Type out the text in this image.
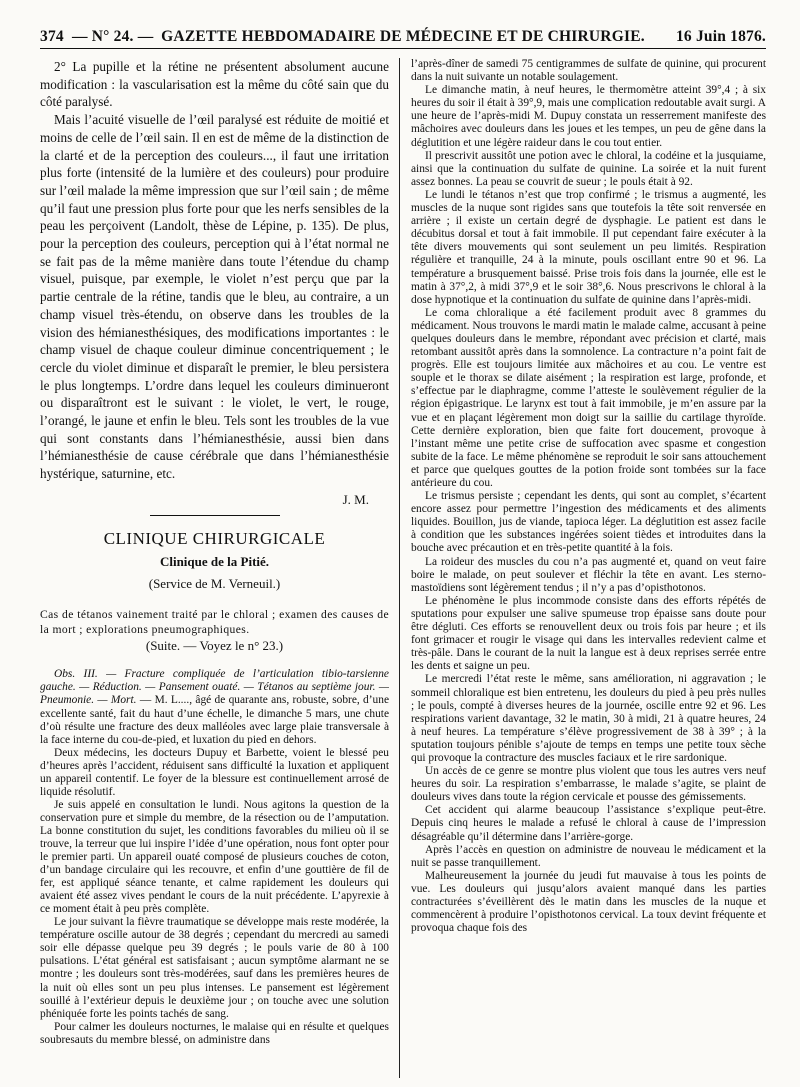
374 — N° 24. — GAZETTE HEBDOMADAIRE DE MÉDECINE ET DE CHIRURGIE.	16 Juin 1876.

2° La pupille et la rétine ne présentent absolument aucune modification : la vascularisation est la même du côté sain que du côté paralysé.

Mais l’acuité visuelle de l’œil paralysé est réduite de moitié et moins de celle de l’œil sain. Il en est de même de la distinction de la clarté et de la perception des couleurs..., il faut une irritation plus forte (intensité de la lumière et des couleurs) pour produire sur l’œil malade la même impression que sur l’œil sain ; de même qu’il faut une pression plus forte pour que les nerfs sensibles de la peau les perçoivent (Landolt, thèse de Lépine, p. 135). De plus, pour la perception des couleurs, perception qui à l’état normal ne se fait pas de la même manière dans toute l’étendue du champ visuel, puisque, par exemple, le violet n’est perçu que par la partie centrale de la rétine, tandis que le bleu, au contraire, a un champ visuel très-étendu, on observe dans les troubles de la vision des hémianesthésiques, des modifications importantes : le champ visuel de chaque couleur diminue concentriquement ; le cercle du violet diminue et disparaît le premier, le bleu persistera le plus longtemps. L’ordre dans lequel les couleurs diminueront ou disparaîtront est le suivant : le violet, le vert, le rouge, l’orangé, le jaune et enfin le bleu. Tels sont les troubles de la vue qui sont constants dans l’hémianesthésie, aussi bien dans l’hémianesthésie de cause cérébrale que dans l’hémianesthésie hystérique, saturnine, etc.

J. M.
CLINIQUE CHIRURGICALE
Clinique de la Pitié.
(Service de M. Verneuil.)

Cas de tétanos vainement traité par le chloral ; examen des causes de la mort ; explorations pneumographiques.

(Suite. — Voyez le n° 23.)

Obs. III. — Fracture compliquée de l’articulation tibio-tarsienne gauche. — Réduction. — Pansement ouaté. — Tétanos au septième jour. — Pneumonie. — Mort. — M. L...., âgé de quarante ans, robuste, sobre, d’une excellente santé, fait du haut d’une échelle, le dimanche 5 mars, une chute d’où résulte une fracture des deux malléoles avec large plaie transversale à la face interne du cou-de-pied, et luxation du pied en dehors.

Deux médecins, les docteurs Dupuy et Barbette, voient le blessé peu d’heures après l’accident, réduisent sans difficulté la luxation et appliquent un appareil contentif. Le foyer de la blessure est continuellement arrosé de liquide résolutif.

Je suis appelé en consultation le lundi. Nous agitons la question de la conservation pure et simple du membre, de la résection ou de l’amputation. La bonne constitution du sujet, les conditions favorables du milieu où il se trouve, la terreur que lui inspire l’idée d’une opération, nous font opter pour le premier parti. Un appareil ouaté composé de plusieurs couches de coton, d’un bandage circulaire qui les recouvre, et enfin d’une gouttière de fil de fer, est appliqué séance tenante, et calme rapidement les douleurs qui avaient été assez vives pendant le cours de la nuit précédente. L’apyrexie à ce moment était à peu près complète.

Le jour suivant la fièvre traumatique se développe mais reste modérée, la température oscille autour de 38 degrés ; cependant du mercredi au samedi soir elle dépasse quelque peu 39 degrés ; le pouls varie de 80 à 100 pulsations. L’état général est satisfaisant ; aucun symptôme alarmant ne se montre ; les douleurs sont très-modérées, sauf dans les premières heures de la nuit où elles sont un peu plus intenses. Le pansement est légèrement souillé à l’extérieur depuis le deuxième jour ; on touche avec une solution phéniquée forte les points tachés de sang.

Pour calmer les douleurs nocturnes, le malaise qui en résulte et quelques soubresauts du membre blessé, on administre dans

l’après-dîner de samedi 75 centigrammes de sulfate de quinine, qui procurent dans la nuit suivante un notable soulagement.

Le dimanche matin, à neuf heures, le thermomètre atteint 39°,4 ; à six heures du soir il était à 39°,9, mais une complication redoutable avait surgi. A une heure de l’après-midi M. Dupuy constata un resserrement manifeste des mâchoires avec douleurs dans les joues et les tempes, un peu de gêne dans la déglutition et une légère raideur dans le cou tout entier.

Il prescrivit aussitôt une potion avec le chloral, la codéine et la jusquiame, ainsi que la continuation du sulfate de quinine. La soirée et la nuit furent assez bonnes. La peau se couvrit de sueur ; le pouls était à 92.

Le lundi le tétanos n’est que trop confirmé ; le trismus a augmenté, les muscles de la nuque sont rigides sans que toutefois la tête soit renversée en arrière ; il existe un certain degré de dysphagie. Le patient est dans le décubitus dorsal et tout à fait immobile. Il put cependant faire exécuter à la tête divers mouvements qui sont seulement un peu limités. Respiration régulière et tranquille, 24 à la minute, pouls oscillant entre 90 et 96. La température a brusquement baissé. Prise trois fois dans la journée, elle est le matin à 37°,2, à midi 37°,9 et le soir 38°,6. Nous prescrivons le chloral à la dose hypnotique et la continuation du sulfate de quinine dans l’après-midi.

Le coma chloralique a été facilement produit avec 8 grammes du médicament. Nous trouvons le mardi matin le malade calme, accusant à peine quelques douleurs dans le membre, répondant avec précision et clarté, mais retombant aussitôt après dans la somnolence. La contracture n’a point fait de progrès. Elle est toujours limitée aux mâchoires et au cou. Le ventre est souple et le thorax se dilate aisément ; la respiration est large, profonde, et s’effectue par le diaphragme, comme l’atteste le soulèvement régulier de la région épigastrique. Le larynx est tout à fait immobile, je m’en assure par la vue et en plaçant légèrement mon doigt sur la saillie du cartilage thyroïde. Cette dernière exploration, bien que faite fort doucement, provoque à l’instant même une petite crise de suffocation avec spasme et congestion subite de la face. Le même phénomène se reproduit le soir sans attouchement et parce que quelques gouttes de la potion froide sont tombées sur la face antérieure du cou.

Le trismus persiste ; cependant les dents, qui sont au complet, s’écartent encore assez pour permettre l’ingestion des médicaments et des aliments liquides. Bouillon, jus de viande, tapioca léger. La déglutition est assez facile à condition que les substances ingérées soient tièdes et introduites dans la bouche avec précaution et en très-petite quantité à la fois.

La roideur des muscles du cou n’a pas augmenté et, quand on veut faire boire le malade, on peut soulever et fléchir la tête en avant. Les sterno-mastoïdiens sont légèrement tendus ; il n’y a pas d’opisthotonos.

Le phénomène le plus incommode consiste dans des efforts répétés de sputations pour expulser une salive spumeuse trop épaisse sans doute pour être dégluti. Ces efforts se renouvellent deux ou trois fois par heure ; et ils font grimacer et rougir le visage qui dans les intervalles redevient calme et très-pâle. Dans le courant de la nuit la langue est à deux reprises serrée entre les dents et saigne un peu.

Le mercredi l’état reste le même, sans amélioration, ni aggravation ; le sommeil chloralique est bien entretenu, les douleurs du pied à peu près nulles ; le pouls, compté à diverses heures de la journée, oscille entre 92 et 96. Les respirations varient davantage, 32 le matin, 30 à midi, 21 à quatre heures, 24 à neuf heures. La température s’élève progressivement de 38 à 39° ; à la sputation toujours pénible s’ajoute de temps en temps une petite toux sèche qui provoque la contracture des muscles faciaux et le rire sardonique.

Un accès de ce genre se montre plus violent que tous les autres vers neuf heures du soir. La respiration s’embarrasse, le malade s’agite, se plaint de douleurs vives dans toute la région cervicale et pousse des gémissements.

Cet accident qui alarme beaucoup l’assistance s’explique peut-être. Depuis cinq heures le malade a refusé le chloral à cause de l’impression désagréable qu’il détermine dans l’arrière-gorge.

Après l’accès en question on administre de nouveau le médicament et la nuit se passe tranquillement.

Malheureusement la journée du jeudi fut mauvaise à tous les points de vue. Les douleurs qui jusqu’alors avaient manqué dans les parties contracturées s’éveillèrent dès le matin dans les muscles de la nuque et commencèrent à produire l’opisthotonos cervical. La toux devint fréquente et provoqua chaque fois des
